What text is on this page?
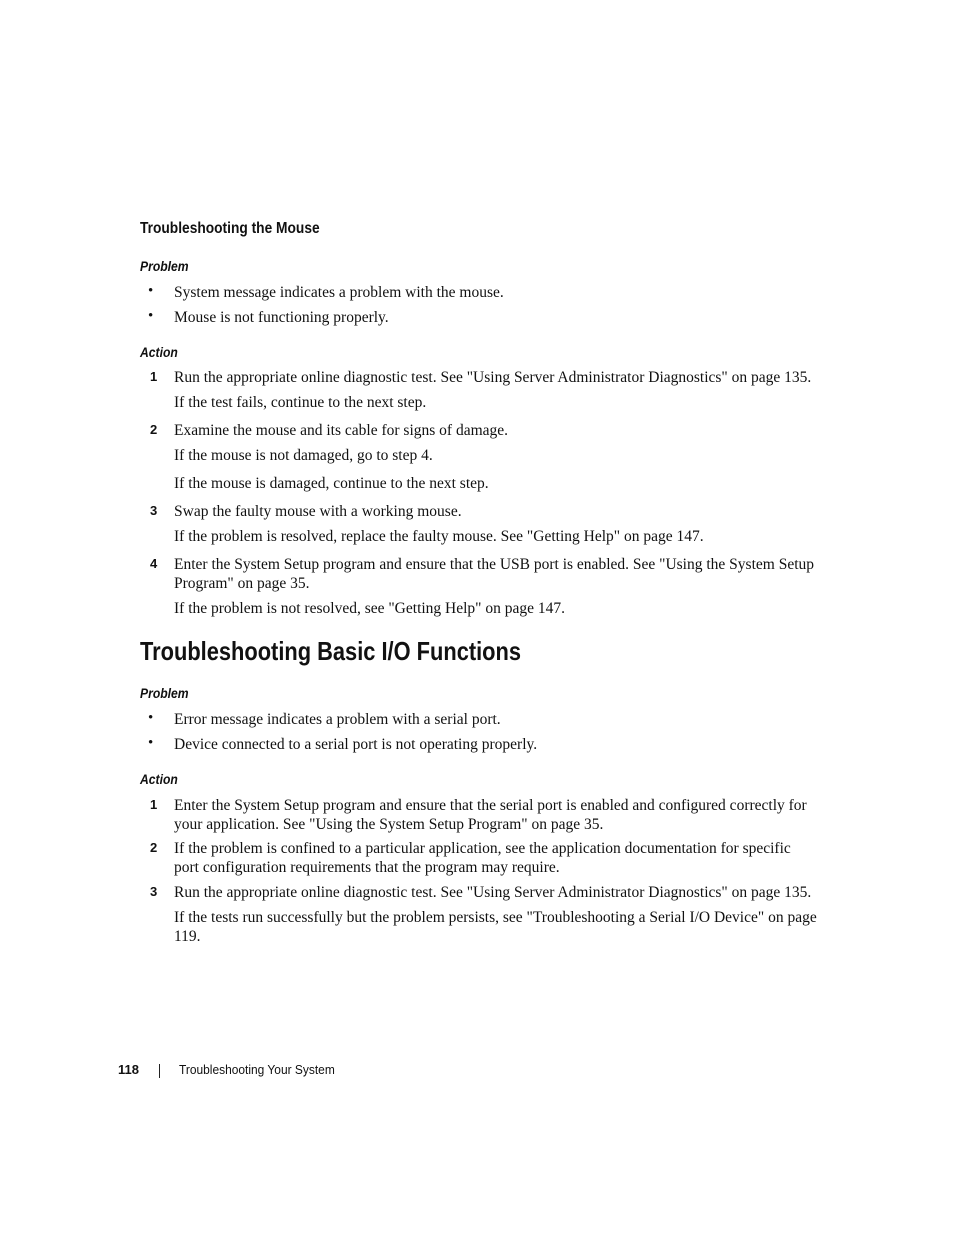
Troubleshooting the Mouse
Problem
• System message indicates a problem with the mouse.
• Mouse is not functioning properly.
Action
1 Run the appropriate online diagnostic test. See "Using Server Administrator Diagnostics" on page 135.
If the test fails, continue to the next step.
2 Examine the mouse and its cable for signs of damage.
If the mouse is not damaged, go to step 4.
If the mouse is damaged, continue to the next step.
3 Swap the faulty mouse with a working mouse.
If the problem is resolved, replace the faulty mouse. See "Getting Help" on page 147.
4 Enter the System Setup program and ensure that the USB port is enabled. See "Using the System Setup Program" on page 35.
If the problem is not resolved, see "Getting Help" on page 147.
Troubleshooting Basic I/O Functions
Problem
• Error message indicates a problem with a serial port.
• Device connected to a serial port is not operating properly.
Action
1 Enter the System Setup program and ensure that the serial port is enabled and configured correctly for your application. See "Using the System Setup Program" on page 35.
2 If the problem is confined to a particular application, see the application documentation for specific port configuration requirements that the program may require.
3 Run the appropriate online diagnostic test. See "Using Server Administrator Diagnostics" on page 135.
If the tests run successfully but the problem persists, see "Troubleshooting a Serial I/O Device" on page 119.
118	Troubleshooting Your System
